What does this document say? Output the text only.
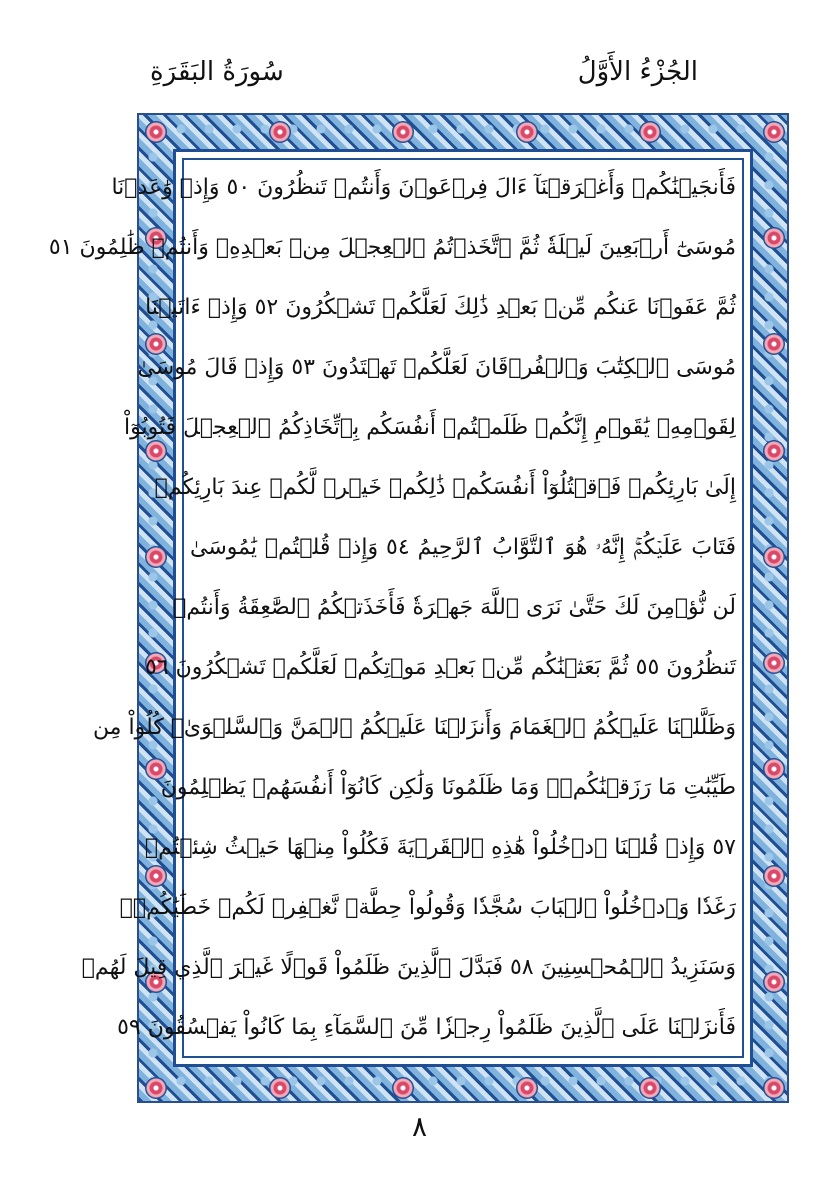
الجُزْءُ الأَوَّلُ
سُورَةُ البَقَرَةِ
فَأَنجَيۡنَٰكُمۡ وَأَغۡرَقۡنَآ ءَالَ فِرۡعَوۡنَ وَأَنتُمۡ تَنظُرُونَ ٥٠ وَإِذۡ وَٰعَدۡنَا
مُوسَىٰٓ أَرۡبَعِينَ لَيۡلَةٗ ثُمَّ ٱتَّخَذۡتُمُ ٱلۡعِجۡلَ مِنۢ بَعۡدِهِۦ وَأَنتُمۡ ظَٰلِمُونَ ٥١
ثُمَّ عَفَوۡنَا عَنكُم مِّنۢ بَعۡدِ ذَٰلِكَ لَعَلَّكُمۡ تَشۡكُرُونَ ٥٢ وَإِذۡ ءَاتَيۡنَا
مُوسَى ٱلۡكِتَٰبَ وَٱلۡفُرۡقَانَ لَعَلَّكُمۡ تَهۡتَدُونَ ٥٣ وَإِذۡ قَالَ مُوسَىٰ
لِقَوۡمِهِۦ يَٰقَوۡمِ إِنَّكُمۡ ظَلَمۡتُمۡ أَنفُسَكُم بِٱتِّخَاذِكُمُ ٱلۡعِجۡلَ فَتُوبُوٓاْ
إِلَىٰ بَارِئِكُمۡ فَٱقۡتُلُوٓاْ أَنفُسَكُمۡ ذَٰلِكُمۡ خَيۡرٞ لَّكُمۡ عِندَ بَارِئِكُمۡ
فَتَابَ عَلَيۡكُمۡۚ إِنَّهُۥ هُوَ ٱلتَّوَّابُ ٱلرَّحِيمُ ٥٤ وَإِذۡ قُلۡتُمۡ يَٰمُوسَىٰ
لَن نُّؤۡمِنَ لَكَ حَتَّىٰ نَرَى ٱللَّهَ جَهۡرَةٗ فَأَخَذَتۡكُمُ ٱلصَّٰعِقَةُ وَأَنتُمۡ
تَنظُرُونَ ٥٥ ثُمَّ بَعَثۡنَٰكُم مِّنۢ بَعۡدِ مَوۡتِكُمۡ لَعَلَّكُمۡ تَشۡكُرُونَ ٥٦
وَظَلَّلۡنَا عَلَيۡكُمُ ٱلۡغَمَامَ وَأَنزَلۡنَا عَلَيۡكُمُ ٱلۡمَنَّ وَٱلسَّلۡوَىٰۖ كُلُواْ مِن
طَيِّبَٰتِ مَا رَزَقۡنَٰكُمۡۚ وَمَا ظَلَمُونَا وَلَٰكِن كَانُوٓاْ أَنفُسَهُمۡ يَظۡلِمُونَ
٥٧ وَإِذۡ قُلۡنَا ٱدۡخُلُواْ هَٰذِهِ ٱلۡقَرۡيَةَ فَكُلُواْ مِنۡهَا حَيۡثُ شِئۡتُمۡ
رَغَدٗا وَٱدۡخُلُواْ ٱلۡبَابَ سُجَّدٗا وَقُولُواْ حِطَّةٞ نَّغۡفِرۡ لَكُمۡ خَطَٰيَٰكُمۡۚ
وَسَنَزِيدُ ٱلۡمُحۡسِنِينَ ٥٨ فَبَدَّلَ ٱلَّذِينَ ظَلَمُواْ قَوۡلًا غَيۡرَ ٱلَّذِي قِيلَ لَهُمۡ
فَأَنزَلۡنَا عَلَى ٱلَّذِينَ ظَلَمُواْ رِجۡزٗا مِّنَ ٱلسَّمَآءِ بِمَا كَانُواْ يَفۡسُقُونَ ٥٩
٨
